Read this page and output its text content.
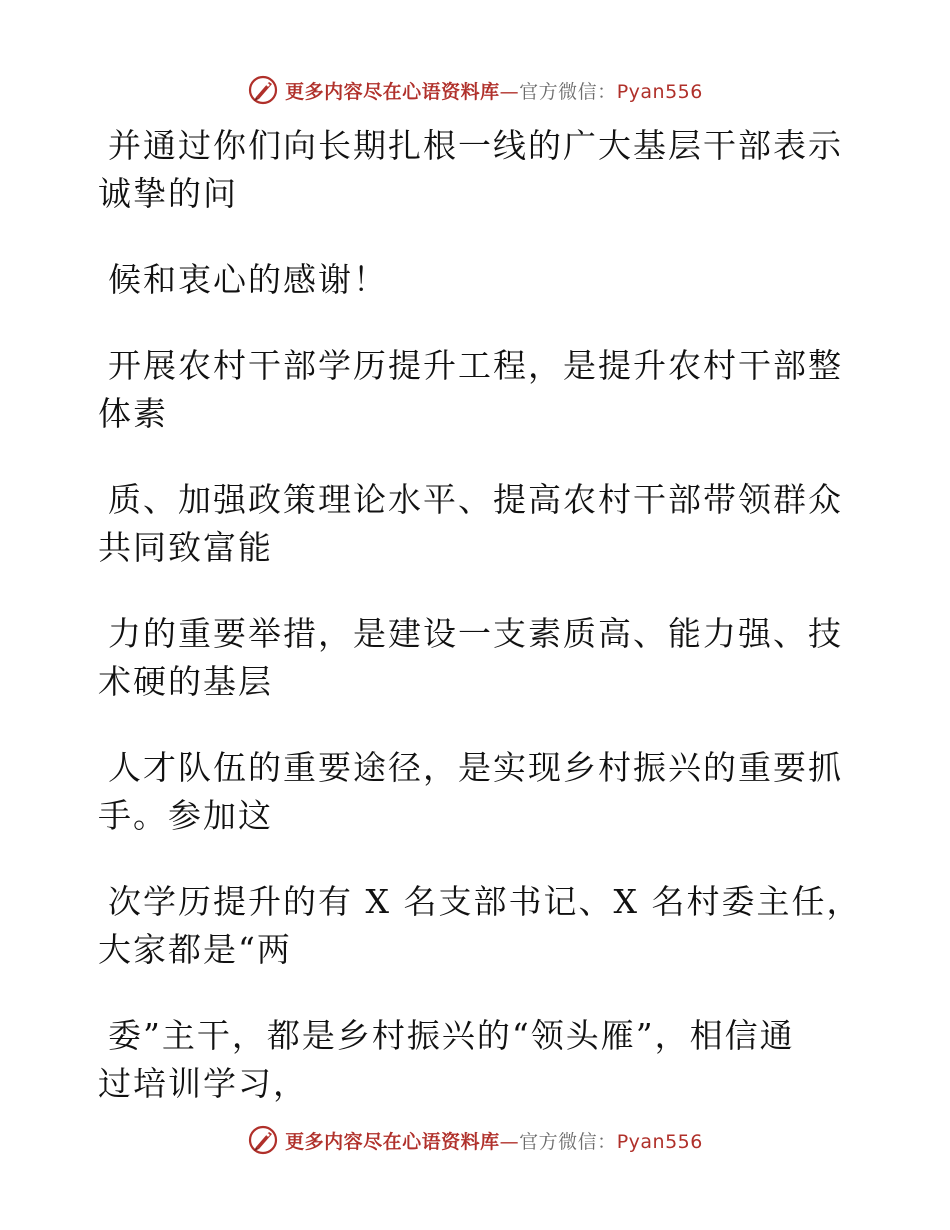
更多内容尽在心语资料库—官方微信：Pyan556

并通过你们向长期扎根一线的广大基层干部表示
诚挚的问

候和衷心的感谢！

开展农村干部学历提升工程，是提升农村干部整
体素

质、加强政策理论水平、提高农村干部带领群众
共同致富能

力的重要举措，是建设一支素质高、能力强、技
术硬的基层

人才队伍的重要途径，是实现乡村振兴的重要抓
手。参加这

次学历提升的有 X 名支部书记、X 名村委主任，
大家都是“两

委”主干，都是乡村振兴的“领头雁”，相信通
过培训学习，

更多内容尽在心语资料库—官方微信：Pyan556
